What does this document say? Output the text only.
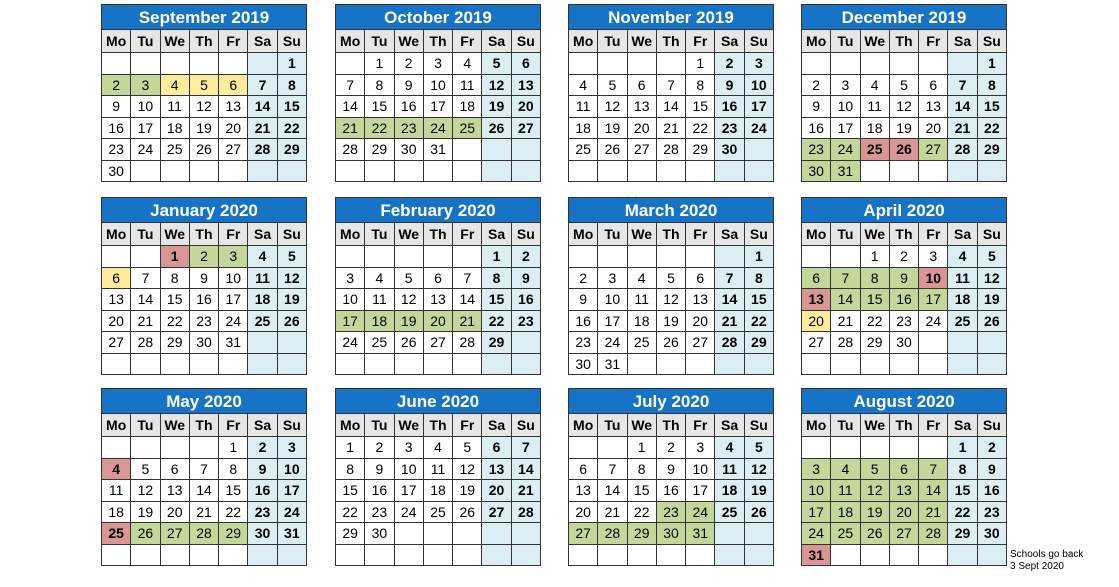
September 2019
Mo	Tu	We	Th	Fr	Sa	Su
						1
2	3	4	5	6	7	8
9	10	11	12	13	14	15
16	17	18	19	20	21	22
23	24	25	26	27	28	29
30						
October 2019
Mo	Tu	We	Th	Fr	Sa	Su
	1	2	3	4	5	6
7	8	9	10	11	12	13
14	15	16	17	18	19	20
21	22	23	24	25	26	27
28	29	30	31			

November 2019
Mo	Tu	We	Th	Fr	Sa	Su
				1	2	3
4	5	6	7	8	9	10
11	12	13	14	15	16	17
18	19	20	21	22	23	24
25	26	27	28	29	30	

December 2019
Mo	Tu	We	Th	Fr	Sa	Su
						1
2	3	4	5	6	7	8
9	10	11	12	13	14	15
16	17	18	19	20	21	22
23	24	25	26	27	28	29
30	31					
January 2020
Mo	Tu	We	Th	Fr	Sa	Su
		1	2	3	4	5
6	7	8	9	10	11	12
13	14	15	16	17	18	19
20	21	22	23	24	25	26
27	28	29	30	31		

February 2020
Mo	Tu	We	Th	Fr	Sa	Su
					1	2
3	4	5	6	7	8	9
10	11	12	13	14	15	16
17	18	19	20	21	22	23
24	25	26	27	28	29	

March 2020
Mo	Tu	We	Th	Fr	Sa	Su
						1
2	3	4	5	6	7	8
9	10	11	12	13	14	15
16	17	18	19	20	21	22
23	24	25	26	27	28	29
30	31					
April 2020
Mo	Tu	We	Th	Fr	Sa	Su
		1	2	3	4	5
6	7	8	9	10	11	12
13	14	15	16	17	18	19
20	21	22	23	24	25	26
27	28	29	30			

May 2020
Mo	Tu	We	Th	Fr	Sa	Su
				1	2	3
4	5	6	7	8	9	10
11	12	13	14	15	16	17
18	19	20	21	22	23	24
25	26	27	28	29	30	31

June 2020
Mo	Tu	We	Th	Fr	Sa	Su
1	2	3	4	5	6	7
8	9	10	11	12	13	14
15	16	17	18	19	20	21
22	23	24	25	26	27	28
29	30					

July 2020
Mo	Tu	We	Th	Fr	Sa	Su
		1	2	3	4	5
6	7	8	9	10	11	12
13	14	15	16	17	18	19
20	21	22	23	24	25	26
27	28	29	30	31		

August 2020
Mo	Tu	We	Th	Fr	Sa	Su
					1	2
3	4	5	6	7	8	9
10	11	12	13	14	15	16
17	18	19	20	21	22	23
24	25	26	27	28	29	30
31							Schools go back
3 Sept 2020
